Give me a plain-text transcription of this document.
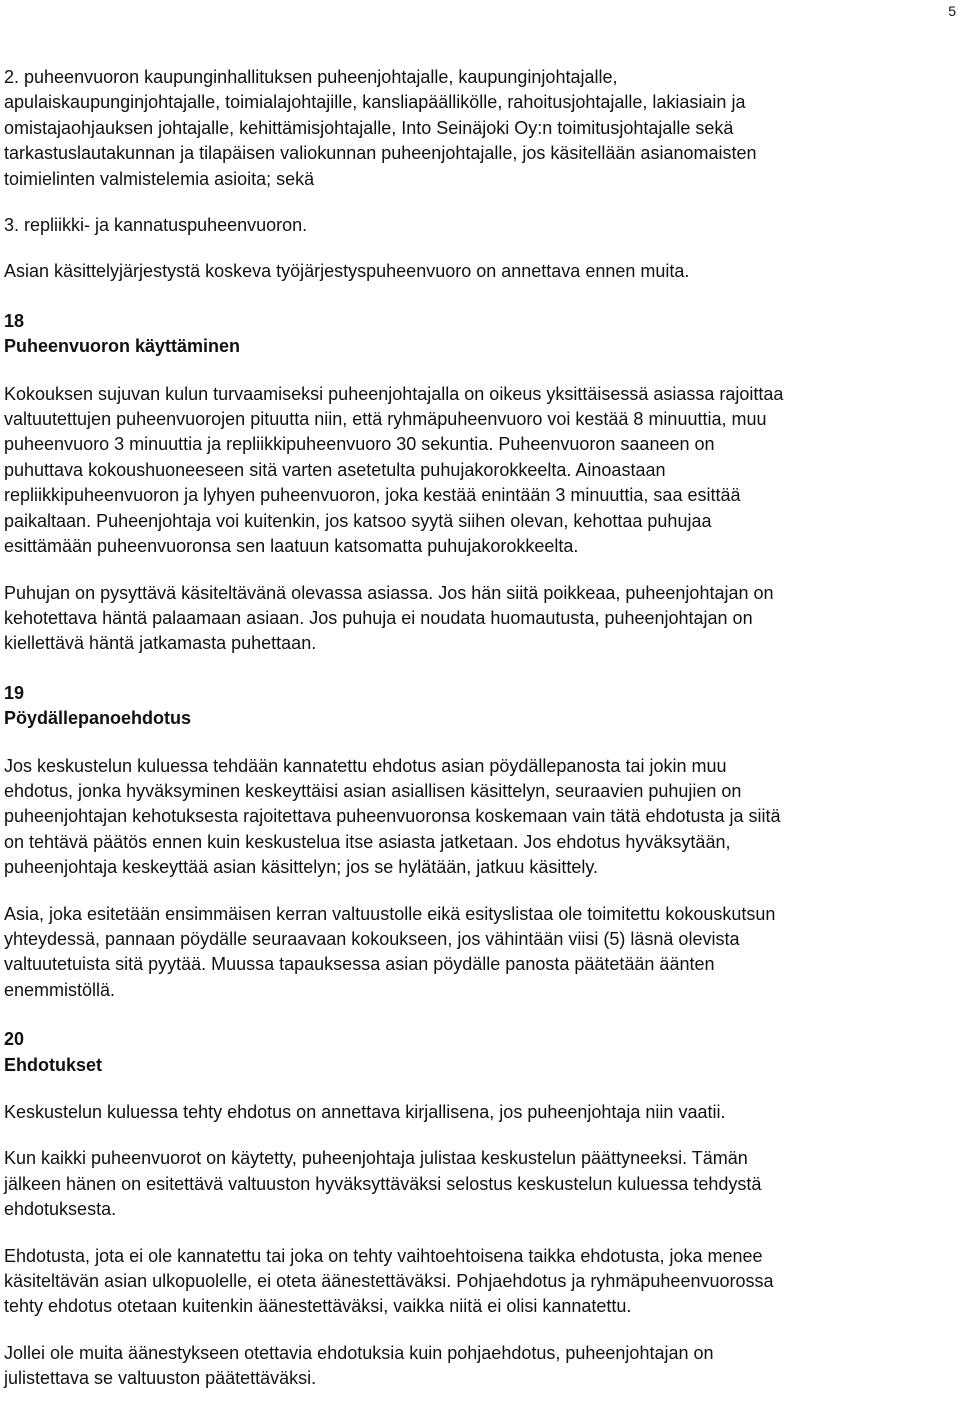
5

2. puheenvuoron kaupunginhallituksen puheenjohtajalle, kaupunginjohtajalle,
apulaiskaupunginjohtajalle, toimialajohtajille, kansliapäällikölle, rahoitusjohtajalle, lakiasiain ja
omistajaohjauksen johtajalle, kehittämisjohtajalle, Into Seinäjoki Oy:n toimitusjohtajalle sekä
tarkastuslautakunnan ja tilapäisen valiokunnan puheenjohtajalle, jos käsitellään asianomaisten
toimielinten valmistelemia asioita; sekä

3. repliikki- ja kannatuspuheenvuoron.

Asian käsittelyjärjestystä koskeva työjärjestyspuheenvuoro on annettava ennen muita.

18

Puheenvuoron käyttäminen

Kokouksen sujuvan kulun turvaamiseksi puheenjohtajalla on oikeus yksittäisessä asiassa rajoittaa
valtuutettujen puheenvuorojen pituutta niin, että ryhmäpuheenvuoro voi kestää 8 minuuttia, muu
puheenvuoro 3 minuuttia ja repliikkipuheenvuoro 30 sekuntia. Puheenvuoron saaneen on
puhuttava kokoushuoneeseen sitä varten asetetulta puhujakorokkeelta. Ainoastaan
repliikkipuheenvuoron ja lyhyen puheenvuoron, joka kestää enintään 3 minuuttia, saa esittää
paikaltaan. Puheenjohtaja voi kuitenkin, jos katsoo syytä siihen olevan, kehottaa puhujaa
esittämään puheenvuoronsa sen laatuun katsomatta puhujakorokkeelta.

Puhujan on pysyttävä käsiteltävänä olevassa asiassa. Jos hän siitä poikkeaa, puheenjohtajan on
kehotettava häntä palaamaan asiaan. Jos puhuja ei noudata huomautusta, puheenjohtajan on
kiellettävä häntä jatkamasta puhettaan.

19

Pöydällepanoehdotus

Jos keskustelun kuluessa tehdään kannatettu ehdotus asian pöydällepanosta tai jokin muu
ehdotus, jonka hyväksyminen keskeyttäisi asian asiallisen käsittelyn, seuraavien puhujien on
puheenjohtajan kehotuksesta rajoitettava puheenvuoronsa koskemaan vain tätä ehdotusta ja siitä
on tehtävä päätös ennen kuin keskustelua itse asiasta jatketaan. Jos ehdotus hyväksytään,
puheenjohtaja keskeyttää asian käsittelyn; jos se hylätään, jatkuu käsittely.

Asia, joka esitetään ensimmäisen kerran valtuustolle eikä esityslistaa ole toimitettu kokouskutsun
yhteydessä, pannaan pöydälle seuraavaan kokoukseen, jos vähintään viisi (5) läsnä olevista
valtuutetuista sitä pyytää. Muussa tapauksessa asian pöydälle panosta päätetään äänten
enemmistöllä.

20

Ehdotukset

Keskustelun kuluessa tehty ehdotus on annettava kirjallisena, jos puheenjohtaja niin vaatii.

Kun kaikki puheenvuorot on käytetty, puheenjohtaja julistaa keskustelun päättyneeksi. Tämän
jälkeen hänen on esitettävä valtuuston hyväksyttäväksi selostus keskustelun kuluessa tehdystä
ehdotuksesta.

Ehdotusta, jota ei ole kannatettu tai joka on tehty vaihtoehtoisena taikka ehdotusta, joka menee
käsiteltävän asian ulkopuolelle, ei oteta äänestettäväksi. Pohjaehdotus ja ryhmäpuheenvuorossa
tehty ehdotus otetaan kuitenkin äänestettäväksi, vaikka niitä ei olisi kannatettu.

Jollei ole muita äänestykseen otettavia ehdotuksia kuin pohjaehdotus, puheenjohtajan on
julistettava se valtuuston päätettäväksi.
